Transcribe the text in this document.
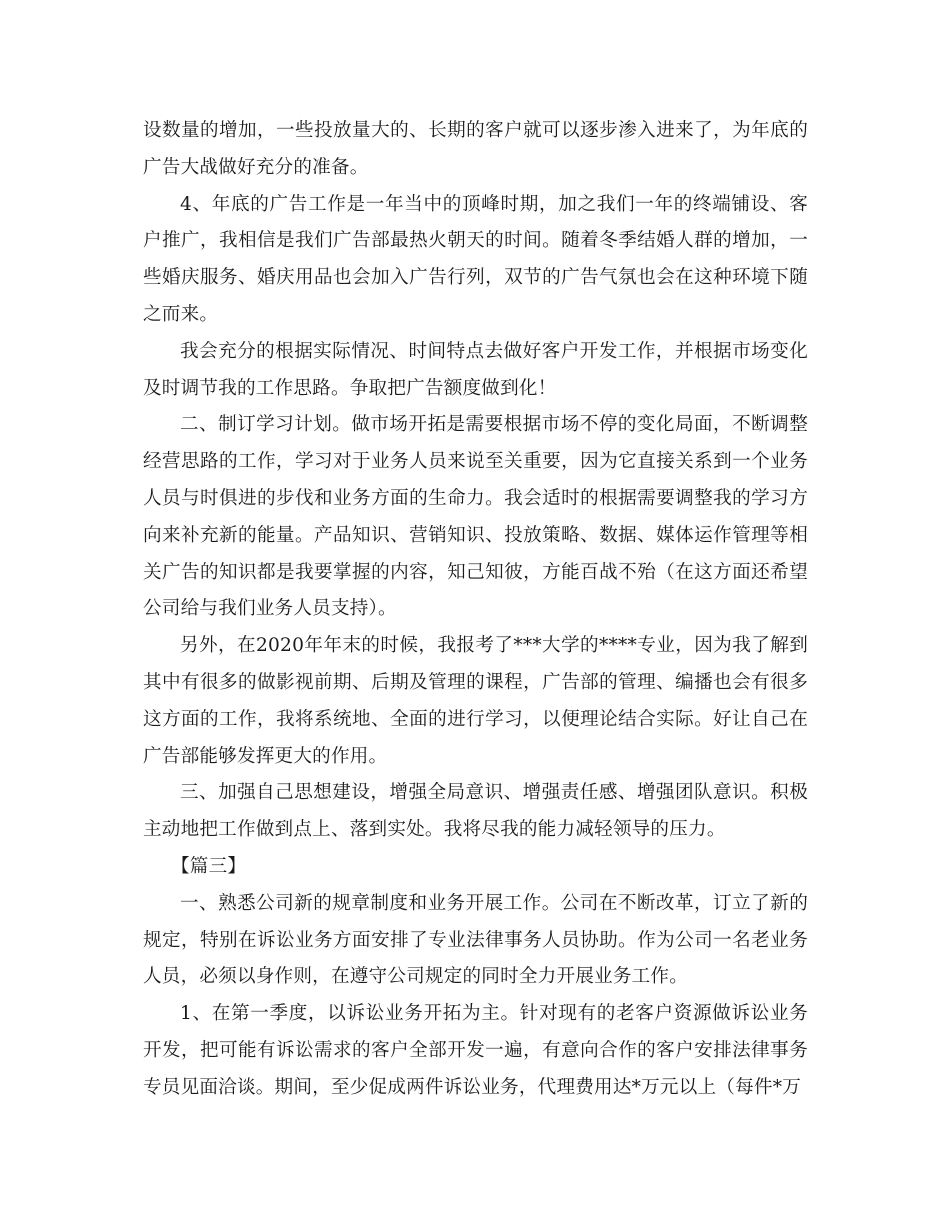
设数量的增加，一些投放量大的、长期的客户就可以逐步渗入进来了，为年底的广告大战做好充分的准备。

4、年底的广告工作是一年当中的顶峰时期，加之我们一年的终端铺设、客户推广，我相信是我们广告部最热火朝天的时间。随着冬季结婚人群的增加，一些婚庆服务、婚庆用品也会加入广告行列，双节的广告气氛也会在这种环境下随之而来。

我会充分的根据实际情况、时间特点去做好客户开发工作，并根据市场变化及时调节我的工作思路。争取把广告额度做到化！

二、制订学习计划。做市场开拓是需要根据市场不停的变化局面，不断调整经营思路的工作，学习对于业务人员来说至关重要，因为它直接关系到一个业务人员与时俱进的步伐和业务方面的生命力。我会适时的根据需要调整我的学习方向来补充新的能量。产品知识、营销知识、投放策略、数据、媒体运作管理等相关广告的知识都是我要掌握的内容，知己知彼，方能百战不殆（在这方面还希望公司给与我们业务人员支持）。

另外，在2020年年末的时候，我报考了***大学的****专业，因为我了解到其中有很多的做影视前期、后期及管理的课程，广告部的管理、编播也会有很多这方面的工作，我将系统地、全面的进行学习，以便理论结合实际。好让自己在广告部能够发挥更大的作用。

三、加强自己思想建设，增强全局意识、增强责任感、增强团队意识。积极主动地把工作做到点上、落到实处。我将尽我的能力减轻领导的压力。

【篇三】

一、熟悉公司新的规章制度和业务开展工作。公司在不断改革，订立了新的规定，特别在诉讼业务方面安排了专业法律事务人员协助。作为公司一名老业务人员，必须以身作则，在遵守公司规定的同时全力开展业务工作。

1、在第一季度，以诉讼业务开拓为主。针对现有的老客户资源做诉讼业务开发，把可能有诉讼需求的客户全部开发一遍，有意向合作的客户安排法律事务专员见面洽谈。期间，至少促成两件诉讼业务，代理费用达*万元以上（每件*万
